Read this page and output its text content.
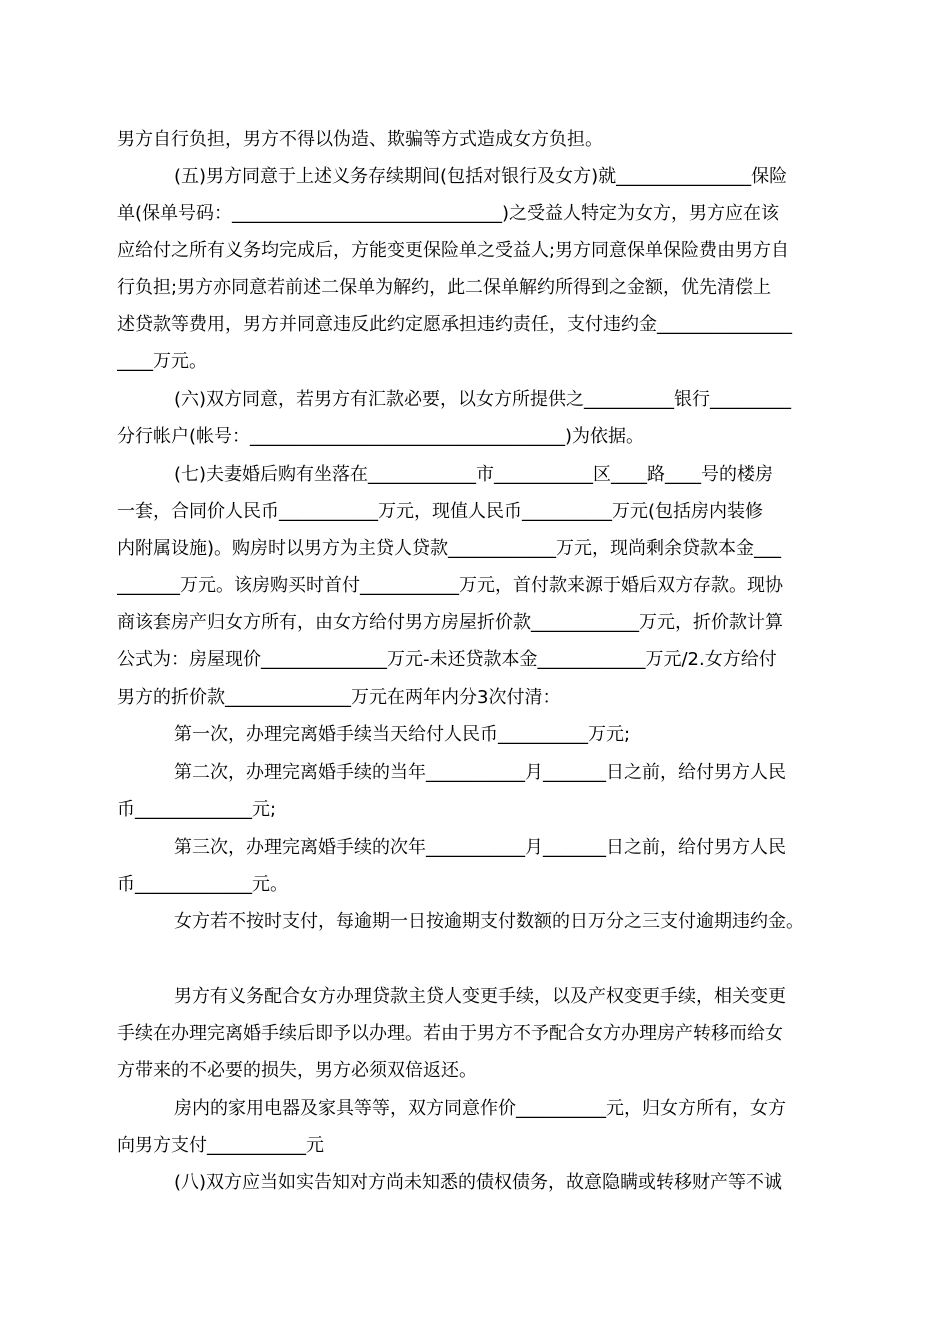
男方自行负担，男方不得以伪造、欺骗等方式造成女方负担。
(五)男方同意于上述义务存续期间(包括对银行及女方)就_______________保险
单(保单号码：______________________________)之受益人特定为女方，男方应在该
应给付之所有义务均完成后，方能变更保险单之受益人;男方同意保单保险费由男方自
行负担;男方亦同意若前述二保单为解约，此二保单解约所得到之金额，优先清偿上
述贷款等费用，男方并同意违反此约定愿承担违约责任，支付违约金_______________
____万元。
(六)双方同意，若男方有汇款必要，以女方所提供之__________银行_________
分行帐户(帐号：___________________________________)为依据。
(七)夫妻婚后购有坐落在____________市___________区____路____号的楼房
一套，合同价人民币___________万元，现值人民币__________万元(包括房内装修
内附属设施)。购房时以男方为主贷人贷款____________万元，现尚剩余贷款本金___
_______万元。该房购买时首付___________万元，首付款来源于婚后双方存款。现协
商该套房产归女方所有，由女方给付男方房屋折价款____________万元，折价款计算
公式为：房屋现价______________万元-未还贷款本金____________万元/2.女方给付
男方的折价款______________万元在两年内分3次付清：
第一次，办理完离婚手续当天给付人民币__________万元;
第二次，办理完离婚手续的当年___________月_______日之前，给付男方人民
币_____________元;
第三次，办理完离婚手续的次年___________月_______日之前，给付男方人民
币_____________元。
女方若不按时支付，每逾期一日按逾期支付数额的日万分之三支付逾期违约金。
男方有义务配合女方办理贷款主贷人变更手续，以及产权变更手续，相关变更
手续在办理完离婚手续后即予以办理。若由于男方不予配合女方办理房产转移而给女
方带来的不必要的损失，男方必须双倍返还。
房内的家用电器及家具等等，双方同意作价__________元，归女方所有，女方
向男方支付___________元
(八)双方应当如实告知对方尚未知悉的债权债务，故意隐瞒或转移财产等不诚
